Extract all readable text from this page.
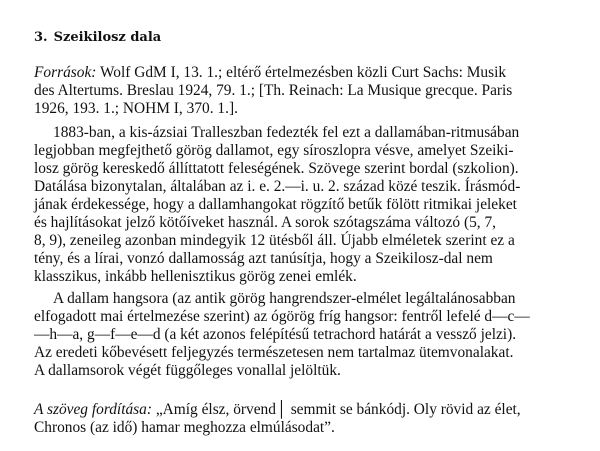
3. Szeikilosz dala
Források: Wolf GdM I, 13. 1.; eltérő értelmezésben közli Curt Sachs: Musik
des Altertums. Breslau 1924, 79. 1.; [Th. Reinach: La Musique grecque. Paris
1926, 193. 1.; NOHM I, 370. 1.].
1883-ban, a kis-ázsiai Tralleszban fedezték fel ezt a dallamában-ritmusában
legjobban megfejthető görög dallamot, egy síroszlopra vésve, amelyet Szeiki-
losz görög kereskedő állíttatott feleségének. Szövege szerint bordal (szkolion).
Datálása bizonytalan, általában az i. e. 2.—i. u. 2. század közé teszik. Írásmód-
jának érdekessége, hogy a dallamhangokat rögzítő betűk fölött ritmikai jeleket
és hajlításokat jelző kötőíveket használ. A sorok szótagszáma változó (5, 7,
8, 9), zeneileg azonban mindegyik 12 ütésből áll. Újabb elméletek szerint ez a
tény, és a lírai, vonzó dallamosság azt tanúsítja, hogy a Szeikilosz-dal nem
klasszikus, inkább hellenisztikus görög zenei emlék.
A dallam hangsora (az antik görög hangrendszer-elmélet legáltalánosabban
elfogadott mai értelmezése szerint) az ógörög fríg hangsor: fentről lefelé d—c—
—h—a, g—f—e—d (a két azonos felépítésű tetrachord határát a vessző jelzi).
Az eredeti kőbevésett feljegyzés természetesen nem tartalmaz ütemvonalakat.
A dallamsorok végét függőleges vonallal jelöltük.
A szöveg fordítása: „Amíg élsz, örvend│ semmit se bánkódj. Oly rövid az élet,
Chronos (az idő) hamar meghozza elmúlásodat”.
